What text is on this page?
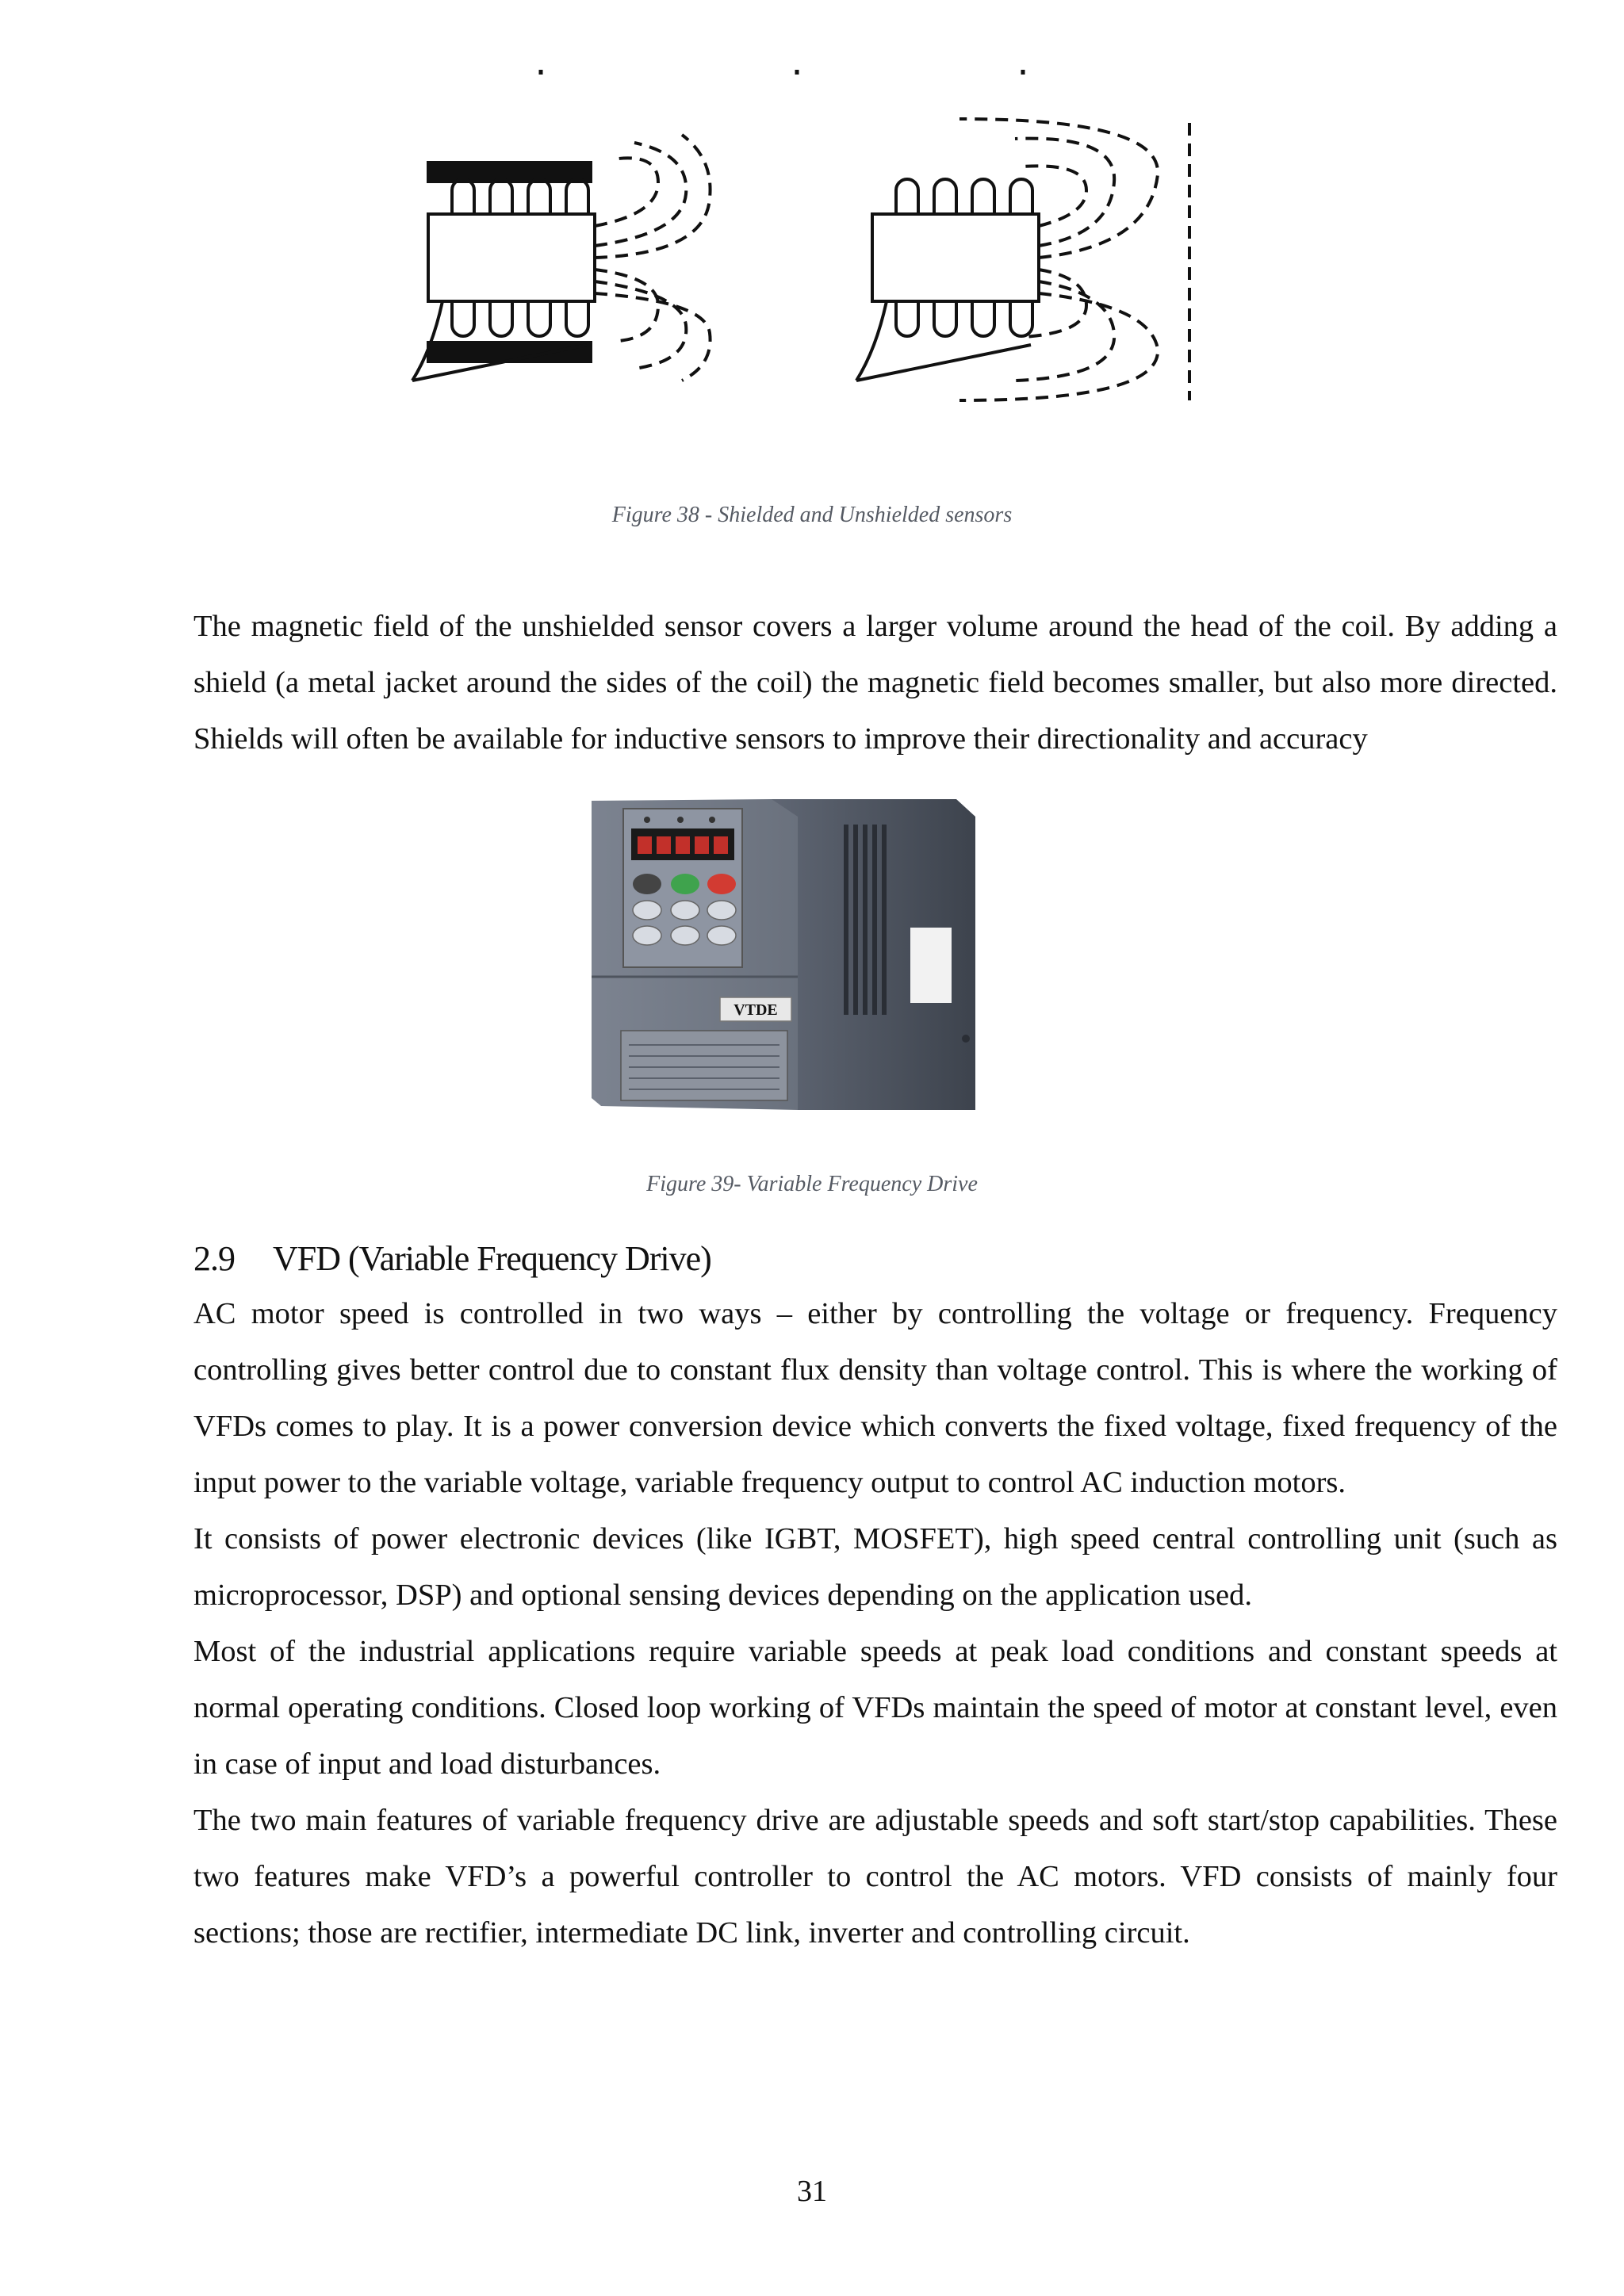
Figure 38 - Shielded and Unshielded sensors

The magnetic field of the unshielded sensor covers a larger volume around the head of the coil. By adding a shield (a metal jacket around the sides of the coil) the magnetic field becomes smaller, but also more directed. Shields will often be available for inductive sensors to improve their directionality and accuracy

VTDE
Figure 39- Variable Frequency Drive
2.9 VFD (Variable Frequency Drive)

AC motor speed is controlled in two ways – either by controlling the voltage or frequency. Frequency controlling gives better control due to constant flux density than voltage control. This is where the working of VFDs comes to play. It is a power conversion device which converts the fixed voltage, fixed frequency of the input power to the variable voltage, variable frequency output to control AC induction motors.

It consists of power electronic devices (like IGBT, MOSFET), high speed central controlling unit (such as microprocessor, DSP) and optional sensing devices depending on the application used.

Most of the industrial applications require variable speeds at peak load conditions and constant speeds at normal operating conditions. Closed loop working of VFDs maintain the speed of motor at constant level, even in case of input and load disturbances.

The two main features of variable frequency drive are adjustable speeds and soft start/stop capabilities. These two features make VFD’s a powerful controller to control the AC motors. VFD consists of mainly four sections; those are rectifier, intermediate DC link, inverter and controlling circuit.

31
